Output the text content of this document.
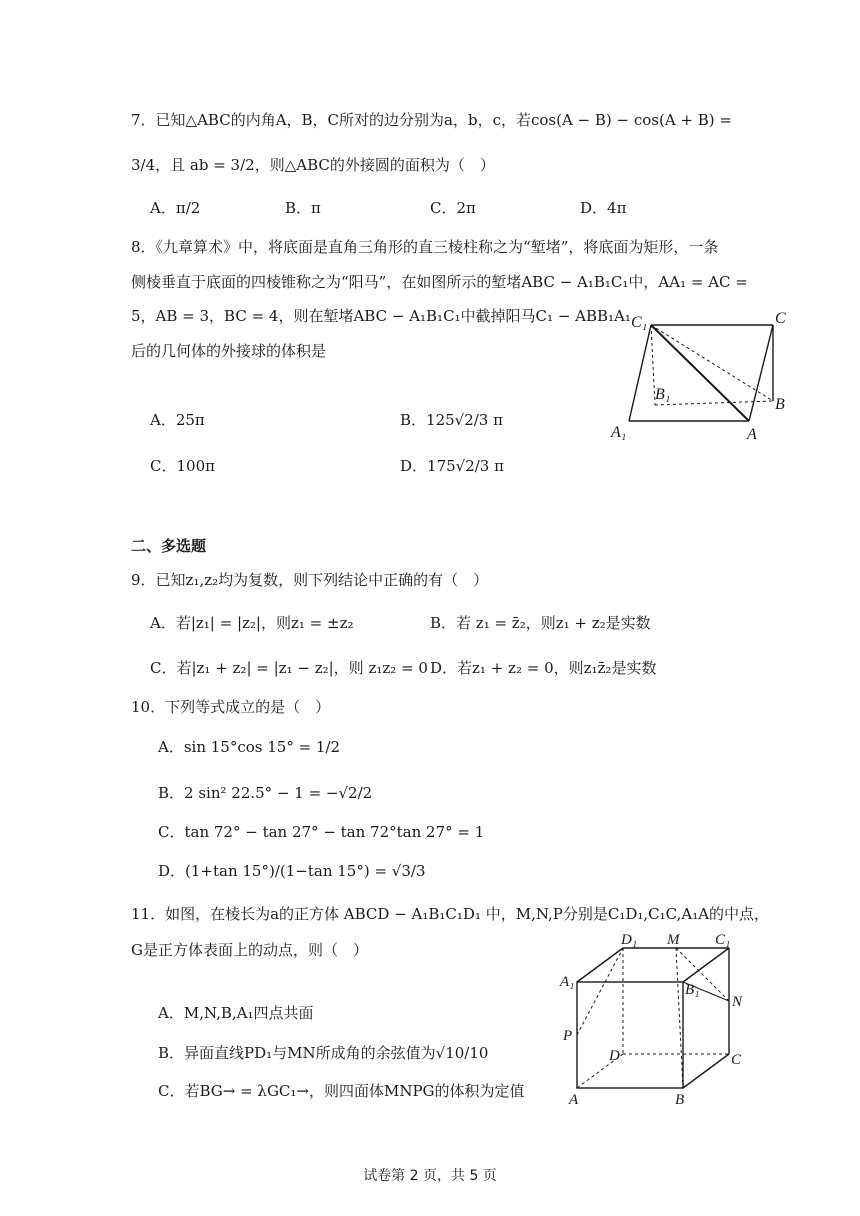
7．已知△ABC的内角A，B，C所对的边分别为a，b，c，若cos(A − B) − cos(A + B) =
3/4，且 ab = 3/2，则△ABC的外接圆的面积为（　）
A．π/2	B．π	C．2π	D．4π
8．《九章算术》中，将底面是直角三角形的直三棱柱称之为“堑堵”，将底面为矩形，一条
侧棱垂直于底面的四棱锥称之为“阳马”，在如图所示的堑堵ABC − A₁B₁C₁中，AA₁ = AC =
5，AB = 3，BC = 4，则在堑堵ABC − A₁B₁C₁中截掉阳马C₁ − ABB₁A₁
后的几何体的外接球的体积是
A．25π	B．125√2/3 π
C．100π	D．175√2/3 π
C₁	C
B₁
B
A₁	A
二、多选题
9．已知z₁,z₂均为复数，则下列结论中正确的有（　）
A．若|z₁| = |z₂|，则z₁ = ±z₂	B．若 z₁ = z̄₂，则z₁ + z₂是实数
C．若|z₁ + z₂| = |z₁ − z₂|，则 z₁z₂ = 0 D．若z₁ + z₂ = 0，则z₁z̄₂是实数
10．下列等式成立的是（　）
A．sin 15°cos 15° = 1/2
B．2 sin² 22.5° − 1 = −√2/2
C．tan 72° − tan 27° − tan 72°tan 27° = 1
D．(1+tan 15°)/(1−tan 15°) = √3/3
11．如图，在棱长为a的正方体 ABCD − A₁B₁C₁D₁ 中，M,N,P分别是C₁D₁,C₁C,A₁A的中点，
G是正方体表面上的动点，则（　）
A．M,N,B,A₁四点共面
B．异面直线PD₁与MN所成角的余弦值为√10/10
C．若BG→ = λGC₁→，则四面体MNPG的体积为定值
D₁ M C₁
A₁	B₁
N
P
D	C
A	B
试卷第 2 页，共 5 页
